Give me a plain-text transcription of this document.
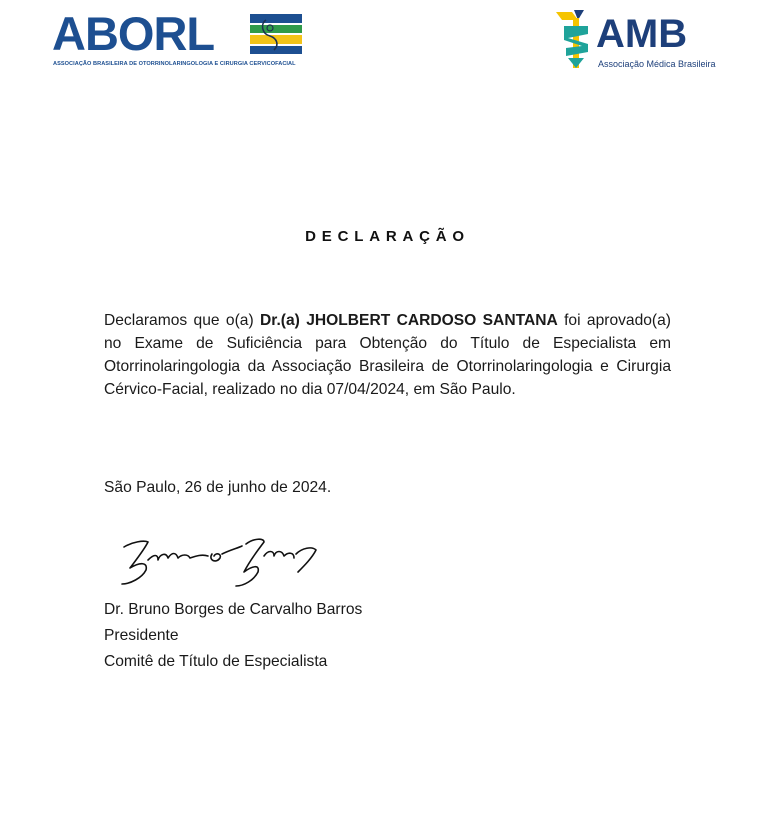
ABORL
ASSOCIAÇÃO BRASILEIRA DE OTORRINOLARINGOLOGIA E CIRURGIA CERVICOFACIAL
AMB
Associação Médica Brasileira
DECLARAÇÃO
Declaramos que o(a) Dr.(a) JHOLBERT CARDOSO SANTANA foi aprovado(a) no Exame de Suficiência para Obtenção do Título de Especialista em Otorrinolaringologia da Associação Brasileira de Otorrinolaringologia e Cirurgia Cérvico-Facial, realizado no dia 07/04/2024, em São Paulo.
São Paulo, 26 de junho de 2024.
Dr. Bruno Borges de Carvalho Barros
Presidente
Comitê de Título de Especialista
